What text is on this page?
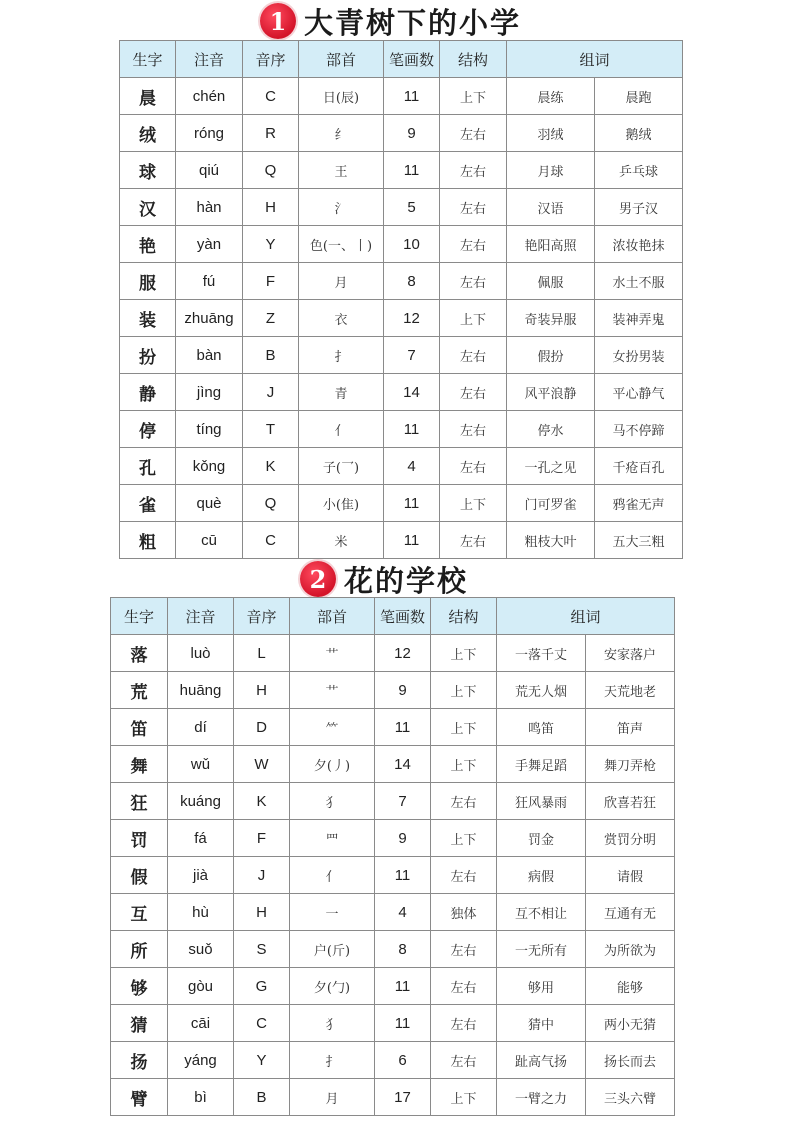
1 大青树下的小学
生字	注音	音序	部首	笔画数	结构	组词	
晨	chén	C	日(辰)	11	上下	晨练	晨跑
绒	róng	R	纟	9	左右	羽绒	鹅绒
球	qiú	Q	王	11	左右	月球	乒乓球
汉	hàn	H	氵	5	左右	汉语	男子汉
艳	yàn	Y	色(一、丨)	10	左右	艳阳高照	浓妆艳抹
服	fú	F	月	8	左右	佩服	水土不服
装	zhuāng	Z	衣	12	上下	奇装异服	装神弄鬼
扮	bàn	B	扌	7	左右	假扮	女扮男装
静	jìng	J	青	14	左右	风平浪静	平心静气
停	tíng	T	亻	11	左右	停水	马不停蹄
孔	kǒng	K	子(乛)	4	左右	一孔之见	千疮百孔
雀	què	Q	小(隹)	11	上下	门可罗雀	鸦雀无声
粗	cū	C	米	11	左右	粗枝大叶	五大三粗
2 花的学校
生字	注音	音序	部首	笔画数	结构	组词	
落	luò	L	艹	12	上下	一落千丈	安家落户
荒	huāng	H	艹	9	上下	荒无人烟	天荒地老
笛	dí	D	⺮	11	上下	鸣笛	笛声
舞	wǔ	W	夕(丿)	14	上下	手舞足蹈	舞刀弄枪
狂	kuáng	K	犭	7	左右	狂风暴雨	欣喜若狂
罚	fá	F	罒	9	上下	罚金	赏罚分明
假	jià	J	亻	11	左右	病假	请假
互	hù	H	一	4	独体	互不相让	互通有无
所	suǒ	S	户(斤)	8	左右	一无所有	为所欲为
够	gòu	G	夕(勹)	11	左右	够用	能够
猜	cāi	C	犭	11	左右	猜中	两小无猜
扬	yáng	Y	扌	6	左右	趾高气扬	扬长而去
臂	bì	B	月	17	上下	一臂之力	三头六臂
